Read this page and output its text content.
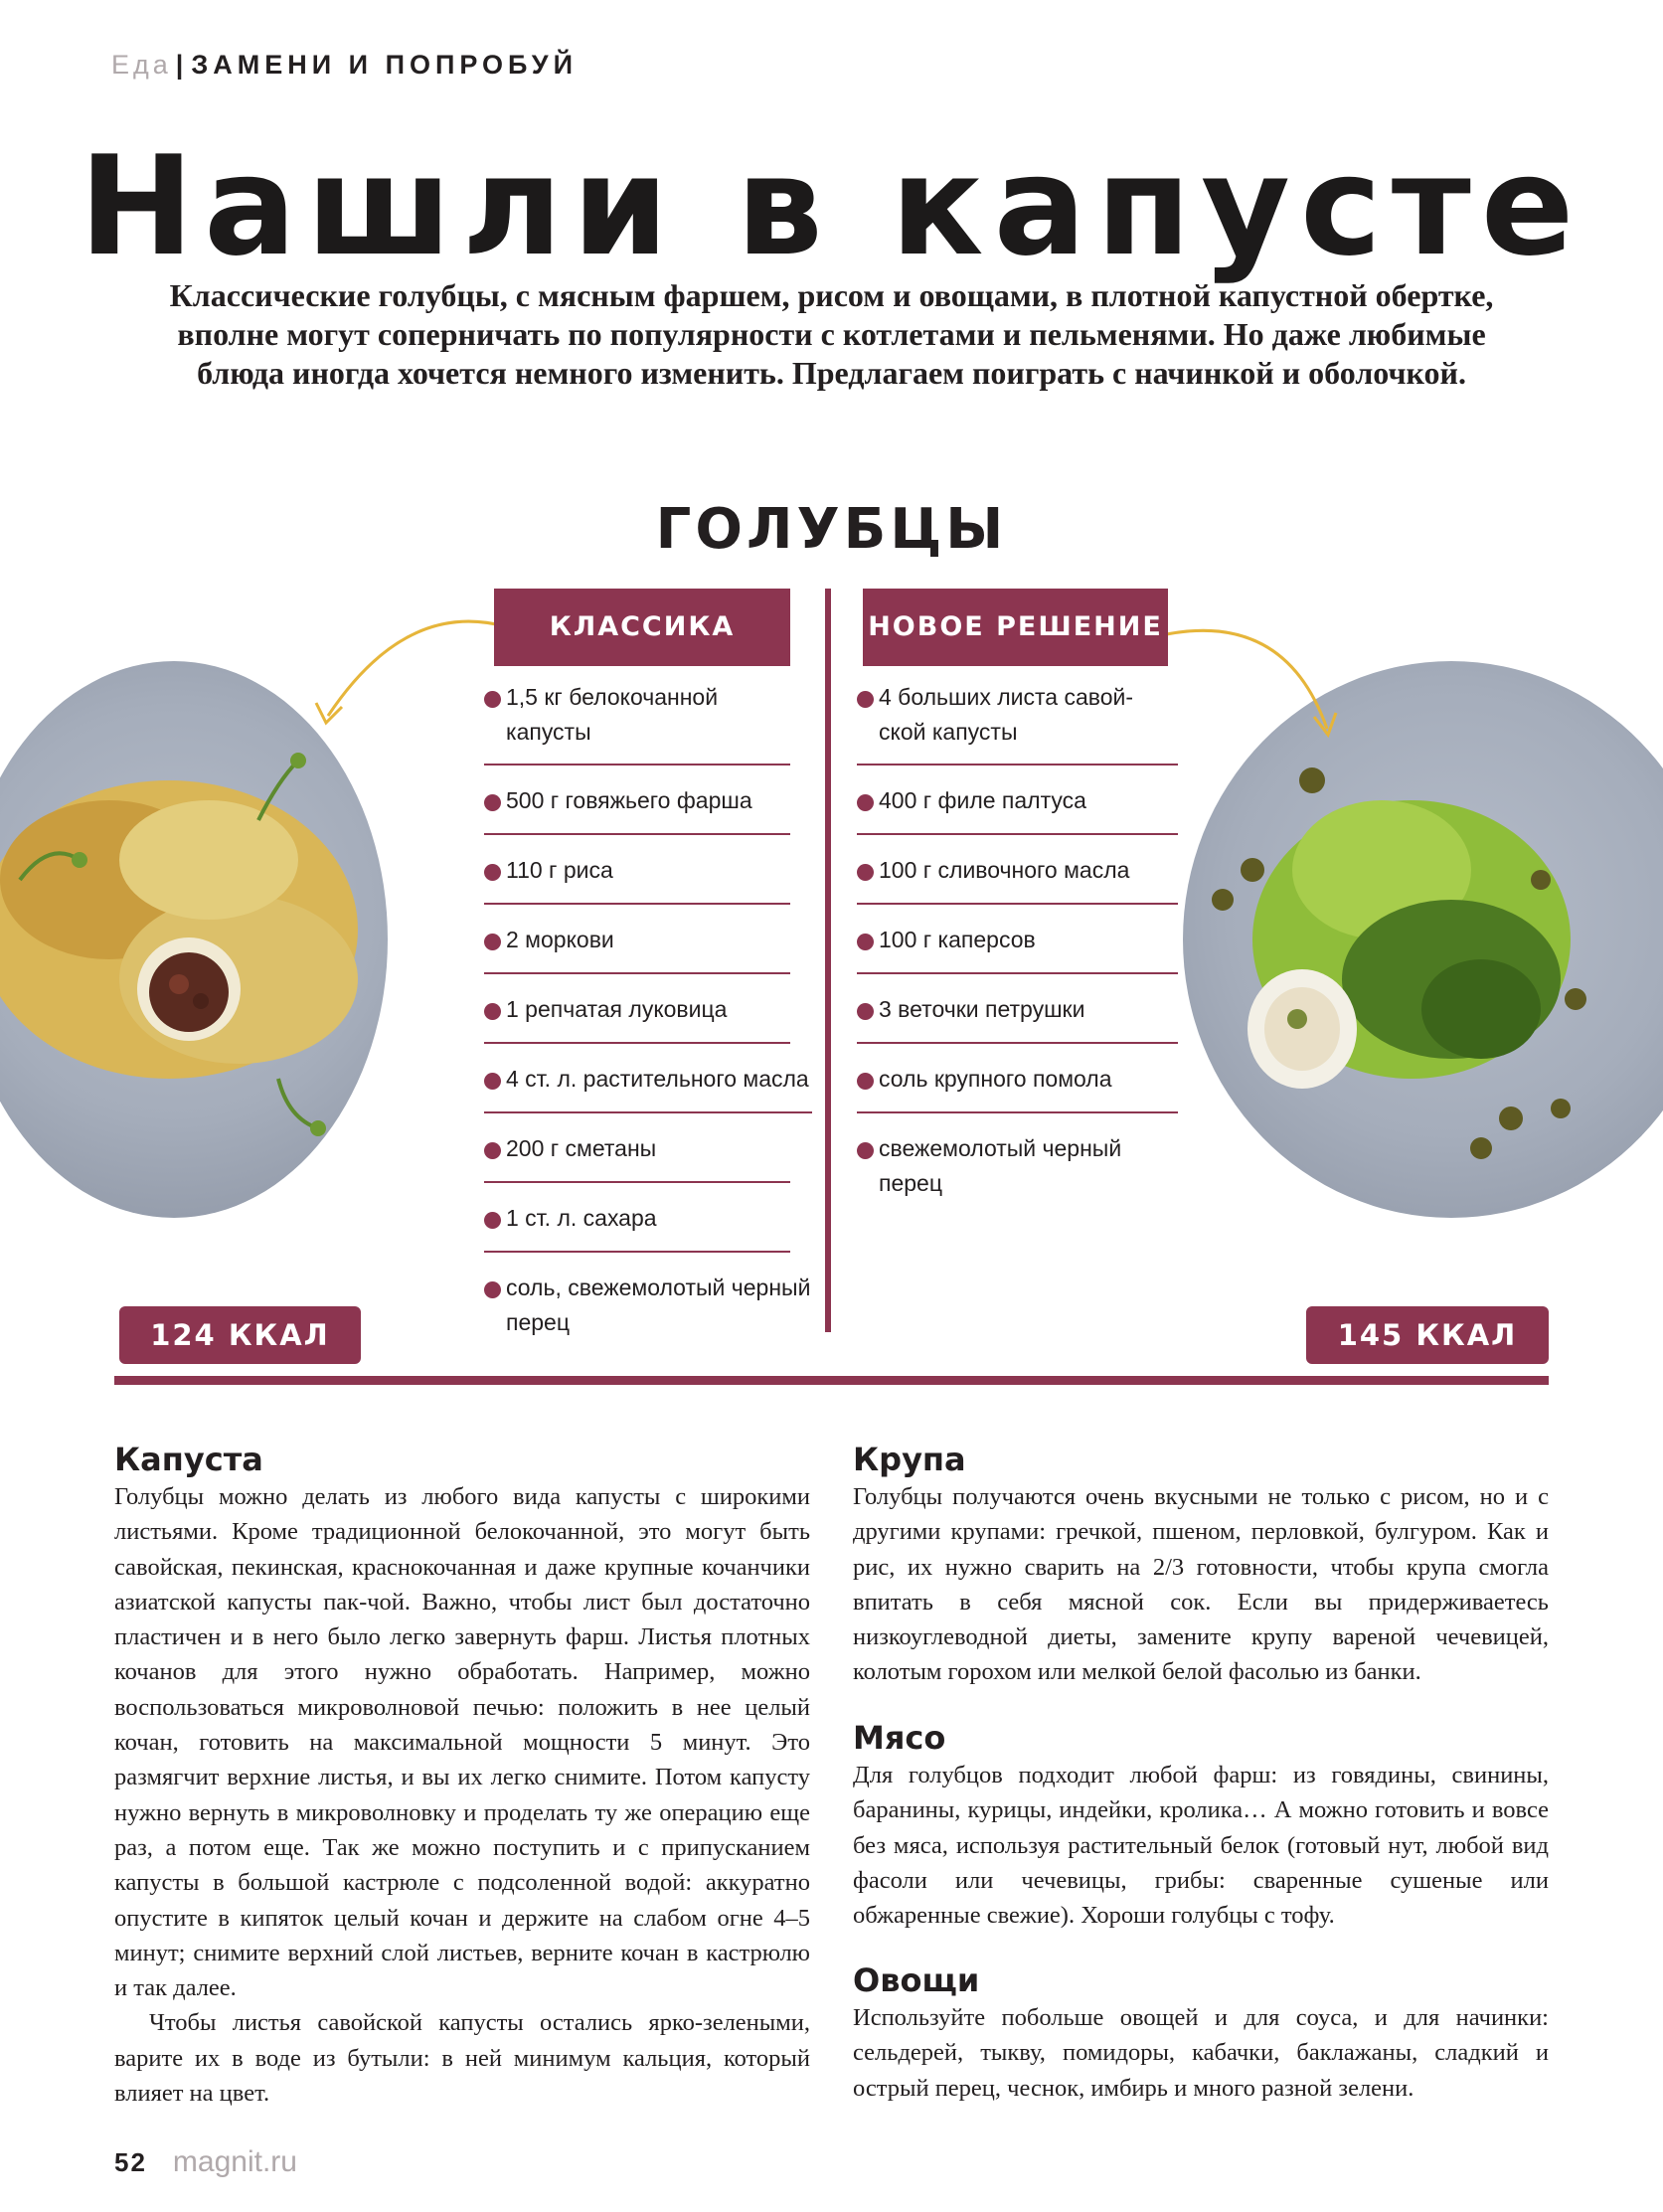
Еда | ЗАМЕНИ И ПОПРОБУЙ
Нашли в капусте
Классические голубцы, с мясным фаршем, рисом и овощами, в плотной капустной обертке, вполне могут соперничать по популярности с котлетами и пельменями. Но даже любимые блюда иногда хочется немного изменить. Предлагаем поиграть с начинкой и оболочкой.
ГОЛУБЦЫ
КЛАССИКА	НОВОЕ РЕШЕНИЕ
1,5 кг белокочанной капусты
500 г говяжьего фарша
110 г риса
2 моркови
1 репчатая луковица
4 ст. л. растительного масла
200 г сметаны
1 ст. л. сахара
соль, свежемолотый черный перец
4 больших листа савой-ской капусты
400 г филе палтуса
100 г сливочного масла
100 г каперсов
3 веточки петрушки
соль крупного помола
свежемолотый черный перец
124 ККАЛ	145 ККАЛ
Капуста

Голубцы можно делать из любого вида капусты с широкими листьями. Кроме традиционной белокочанной, это могут быть савойская, пекинская, краснокочанная и даже крупные кочанчики азиатской капусты пак-чой. Важно, чтобы лист был достаточно пластичен и в него было легко завернуть фарш. Листья плотных кочанов для этого нужно обработать. Например, можно воспользоваться микроволновой печью: положить в нее целый кочан, готовить на максимальной мощности 5 минут. Это размягчит верхние листья, и вы их легко снимите. Потом капусту нужно вернуть в микроволновку и проделать ту же операцию еще раз, а потом еще. Так же можно поступить и с припусканием капусты в большой кастрюле с подсоленной водой: аккуратно опустите в кипяток целый кочан и держите на слабом огне 4–5 минут; снимите верхний слой листьев, верните кочан в кастрюлю и так далее.

Чтобы листья савойской капусты остались ярко-зелеными, варите их в воде из бутыли: в ней минимум кальция, который влияет на цвет.

Крупа
Голубцы получаются очень вкусными не только с рисом, но и с другими крупами: гречкой, пшеном, перловкой, булгуром. Как и рис, их нужно сварить на 2/3 готовности, чтобы крупа смогла впитать в себя мясной сок. Если вы придерживаетесь низкоуглеводной диеты, замените крупу вареной чечевицей, колотым горохом или мелкой белой фасолью из банки.
Мясо
Для голубцов подходит любой фарш: из говядины, свинины, баранины, курицы, индейки, кролика… А можно готовить и вовсе без мяса, используя растительный белок (готовый нут, любой вид фасоли или чечевицы, грибы: сваренные сушеные или обжаренные свежие). Хороши голубцы с тофу.
Овощи
Используйте побольше овощей и для соуса, и для начинки: сельдерей, тыкву, помидоры, кабачки, баклажаны, сладкий и острый перец, чеснок, имбирь и много разной зелени.
52 magnit.ru
